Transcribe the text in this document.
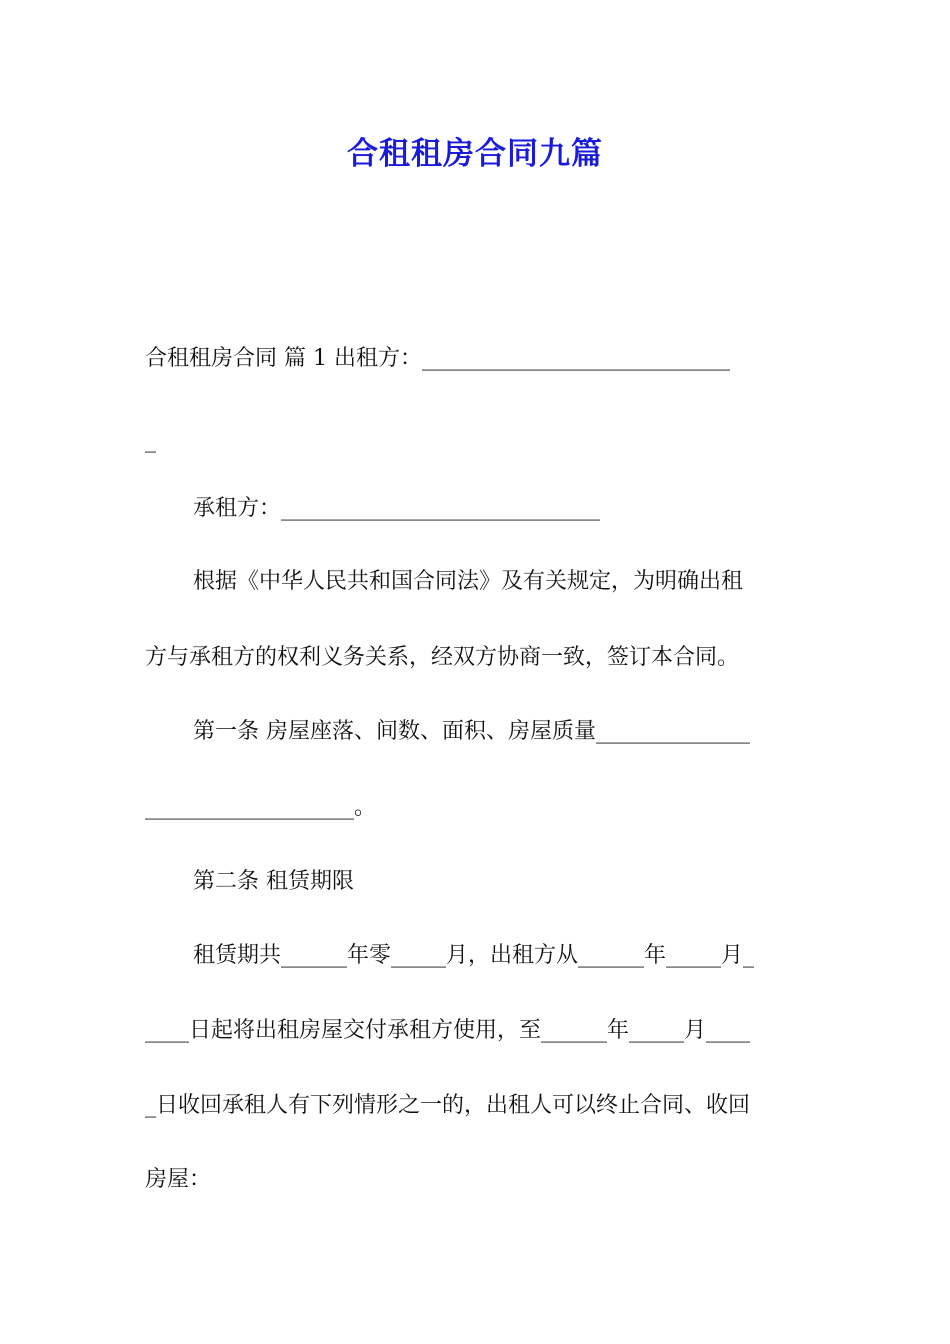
合租租房合同九篇
合租租房合同 篇 1 出租方：____________________________
_
承租方：_____________________________
根据《中华人民共和国合同法》及有关规定，为明确出租
方与承租方的权利义务关系，经双方协商一致，签订本合同。
第一条 房屋座落、间数、面积、房屋质量______________
___________________。
第二条 租赁期限
租赁期共______年零_____月，出租方从______年_____月_
____日起将出租房屋交付承租方使用，至______年_____月____
_日收回承租人有下列情形之一的，出租人可以终止合同、收回
房屋：
